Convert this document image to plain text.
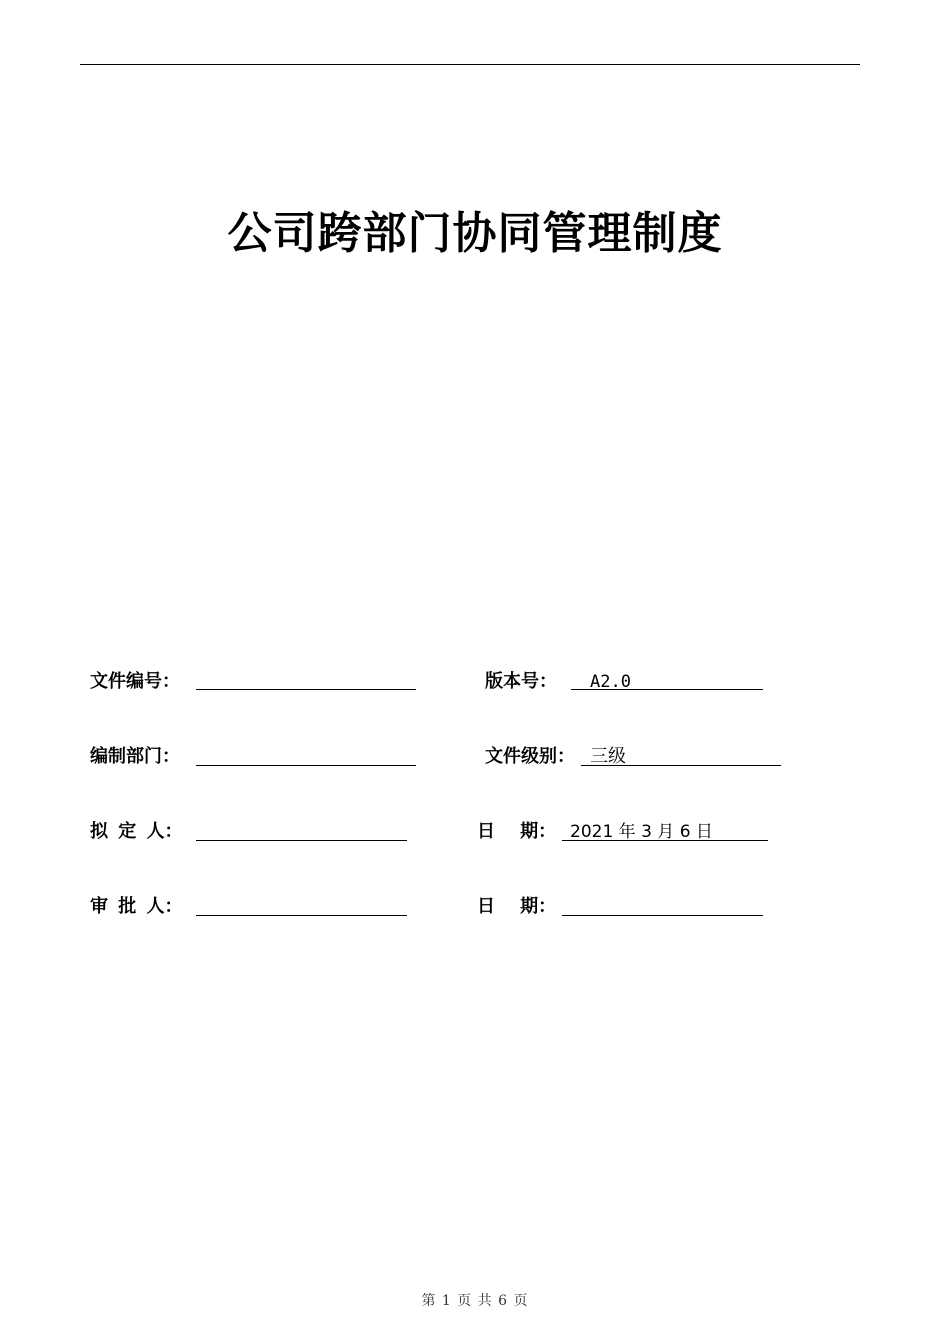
公司跨部门协同管理制度
文件编号：	版本号： A2.0
编制部门：	文件级别： 三级
拟 定 人：	日    期： 2021 年 3 月 6 日
审 批 人：	日    期：
第 1 页 共 6 页
